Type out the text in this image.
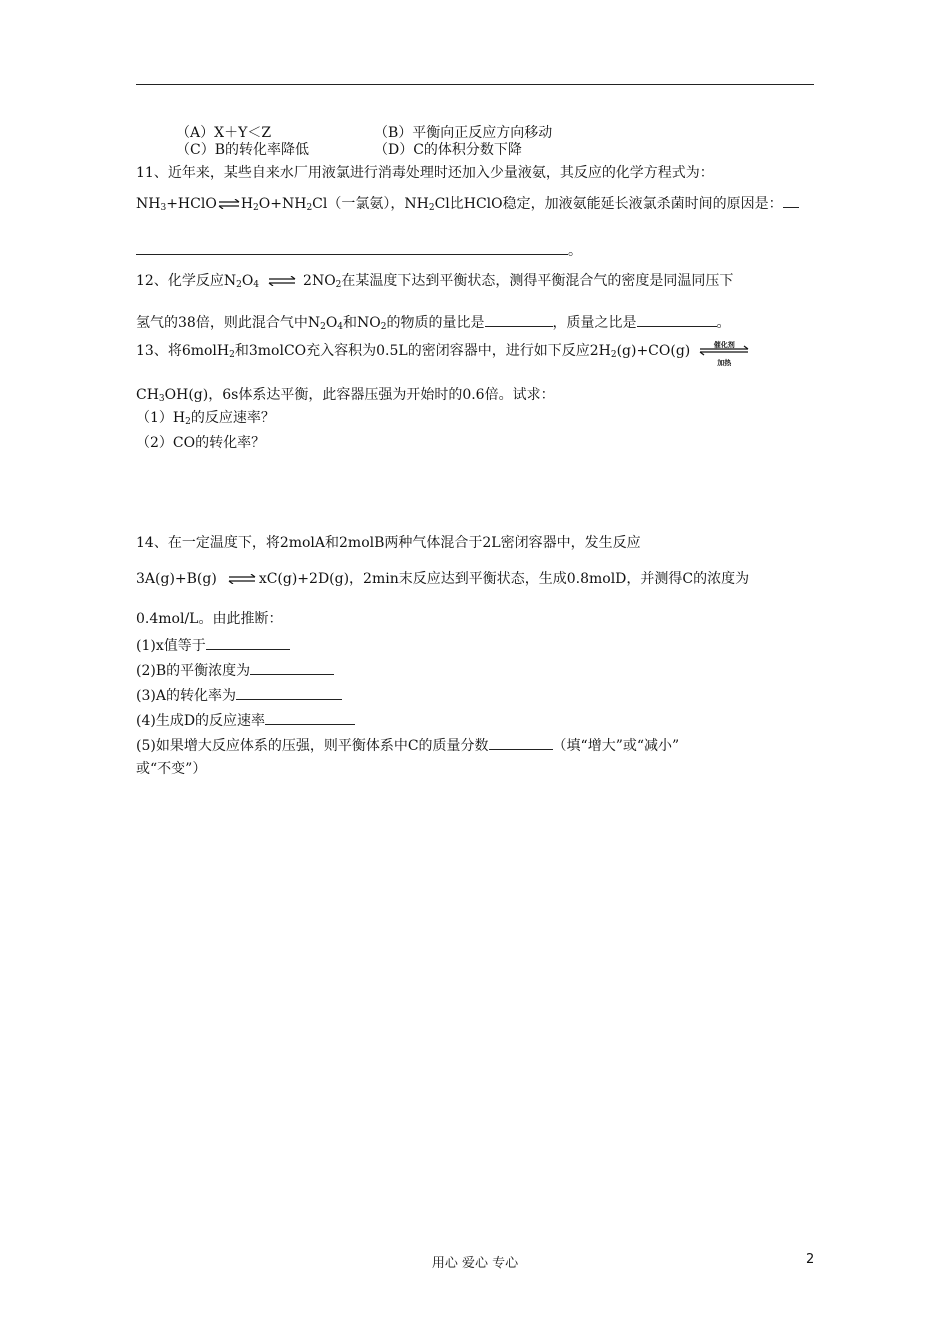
（A）X＋Y＜Z	（B）平衡向正反应方向移动
（C）B的转化率降低	（D）C的体积分数下降
11、近年来，某些自来水厂用液氯进行消毒处理时还加入少量液氨，其反应的化学方程式为：
$NH_3+HClO\rightleftharpoons H_2O+NH_2Cl$（一氯氨），$NH_2Cl$比HClO稳定，加液氨能延长液氯杀菌时间的原因是：
。
12、化学反应$N_2O_4$ ⇌ $2NO_2$在某温度下达到平衡状态，测得平衡混合气的密度是同温同压下
氢气的38倍，则此混合气中$N_2O_4$和$NO_2$的物质的量比是	，质量之比是	。
13、将6molH$_2$和3molCO充入容积为0.5L的密闭容器中，进行如下反应$2H_2(g)+CO(g)$	催化剂
加热
$CH_3OH(g)$，6s体系达平衡，此容器压强为开始时的0.6倍。试求：
$(1)H_2$的反应速率？
（2）CO的转化率？
14、在一定温度下，将2molA和2molB两种气体混合于2L密闭容器中，发生反应
3A(g)+B(g) ⇌ xC(g)+2D(g)，2min末反应达到平衡状态，生成0.8molD，并测得C的浓度为
0.4mol/L。由此推断：
(1)x值等于
(2)B的平衡浓度为
(3)A的转化率为
(4)生成D的反应速率
(5)如果增大反应体系的压强，则平衡体系中C的质量分数	（填“增大”或“减小”
或“不变”）
用心 爱心 专心	2
